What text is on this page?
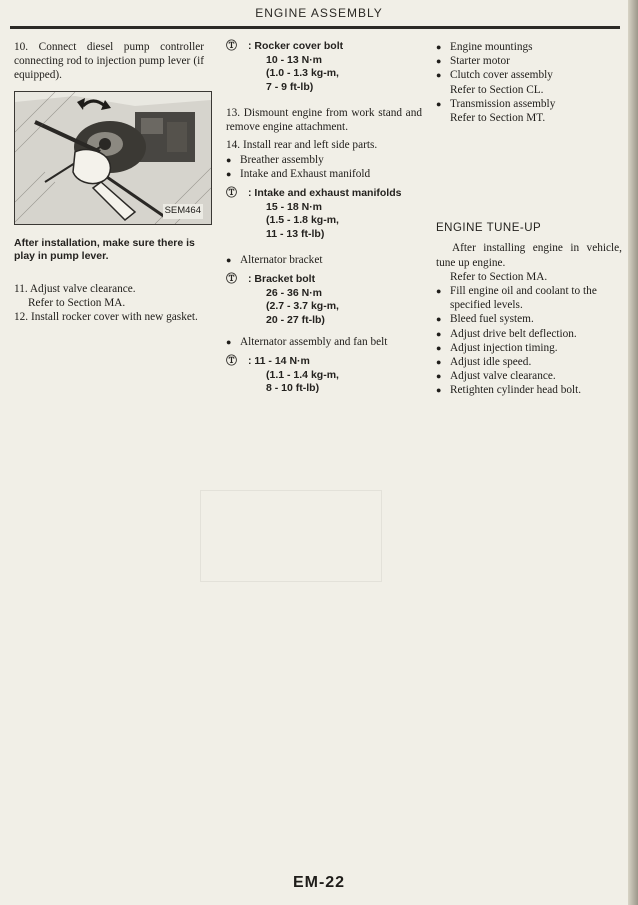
ENGINE ASSEMBLY

10. Connect diesel pump controller connecting rod to injection pump lever (if equipped).

SEM464

After installation, make sure there is play in pump lever.

11. Adjust valve clearance.

Refer to Section MA.

12. Install rocker cover with new gasket.

Ⓣ	: Rocker cover bolt

10 - 13 N·m

(1.0 - 1.3 kg-m,

7 - 9 ft-lb)

13. Dismount engine from work stand and remove engine attachment.

14. Install rear and left side parts.

● Breather assembly

● Intake and Exhaust manifold

Ⓣ	: Intake and exhaust manifolds

15 - 18 N·m

(1.5 - 1.8 kg-m,

11 - 13 ft-lb)

● Alternator bracket

Ⓣ	: Bracket bolt

26 - 36 N·m

(2.7 - 3.7 kg-m,

20 - 27 ft-lb)

● Alternator assembly and fan belt

Ⓣ	: 11 - 14 N·m

(1.1 - 1.4 kg-m,

8 - 10 ft-lb)

● Engine mountings

● Starter motor

● Clutch cover assembly

Refer to Section CL.

● Transmission assembly

Refer to Section MT.

ENGINE TUNE-UP

After installing engine in vehicle, tune up engine.

Refer to Section MA.

● Fill engine oil and coolant to the specified levels.

● Bleed fuel system.

● Adjust drive belt deflection.

● Adjust injection timing.

● Adjust idle speed.

● Adjust valve clearance.

● Retighten cylinder head bolt.

EM-22
